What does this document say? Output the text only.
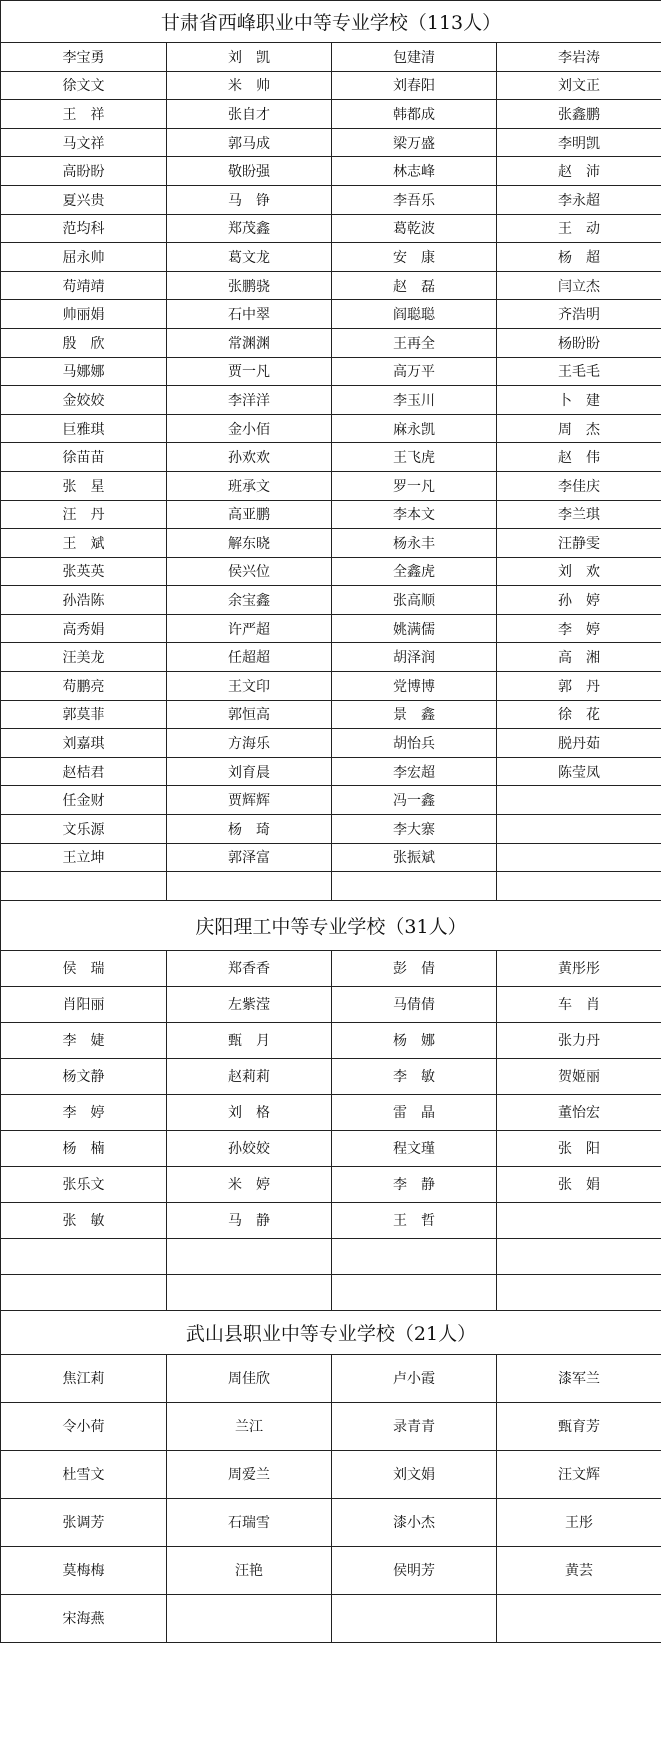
甘肃省西峰职业中等专业学校（113人）			
李宝勇	刘　凯	包建清	李岩涛
徐文文	米　帅	刘春阳	刘文正
王　祥	张自才	韩都成	张鑫鹏
马文祥	郭马成	梁万盛	李明凯
高盼盼	敬盼强	林志峰	赵　沛
夏兴贵	马　铮	李吾乐	李永超
范均科	郑茂鑫	葛乾波	王　动
屈永帅	葛文龙	安　康	杨　超
苟靖靖	张鹏骁	赵　磊	闫立杰
帅丽娟	石中翠	阎聪聪	齐浩明
殷　欣	常渊渊	王再全	杨盼盼
马娜娜	贾一凡	高万平	王毛毛
金姣姣	李洋洋	李玉川	卜　建
巨雅琪	金小佰	麻永凯	周　杰
徐苗苗	孙欢欢	王飞虎	赵　伟
张　星	班承文	罗一凡	李佳庆
汪　丹	高亚鹏	李本文	李兰琪
王　斌	解东晓	杨永丰	汪静雯
张英英	侯兴位	全鑫虎	刘　欢
孙浩陈	余宝鑫	张高顺	孙　婷
高秀娟	许严超	姚满儒	李　婷
汪美龙	任超超	胡泽润	高　湘
苟鹏亮	王文印	党博博	郭　丹
郭莫菲	郭恒高	景　鑫	徐　花
刘嘉琪	方海乐	胡怡兵	脱丹茹
赵桔君	刘育晨	李宏超	陈莹凤
任金财	贾辉辉	冯一鑫	
文乐源	杨　琦	李大寨	
王立坤	郭泽富	张振斌	

庆阳理工中等专业学校（31人）			
侯　瑞	郑香香	彭　倩	黄彤彤
肖阳丽	左紫滢	马倩倩	车　肖
李　婕	甄　月	杨　娜	张力丹
杨文静	赵莉莉	李　敏	贺姬丽
李　婷	刘　格	雷　晶	董怡宏
杨　楠	孙姣姣	程文瑾	张　阳
张乐文	米　婷	李　静	张　娟
张　敏	马　静	王　哲	

武山县职业中等专业学校（21人）			
焦江莉	周佳欣	卢小霞	漆军兰
令小荷	兰江	录青青	甄育芳
杜雪文	周爱兰	刘文娟	汪文辉
张调芳	石瑞雪	漆小杰	王彤
莫梅梅	汪艳	侯明芳	黄芸
宋海燕			
